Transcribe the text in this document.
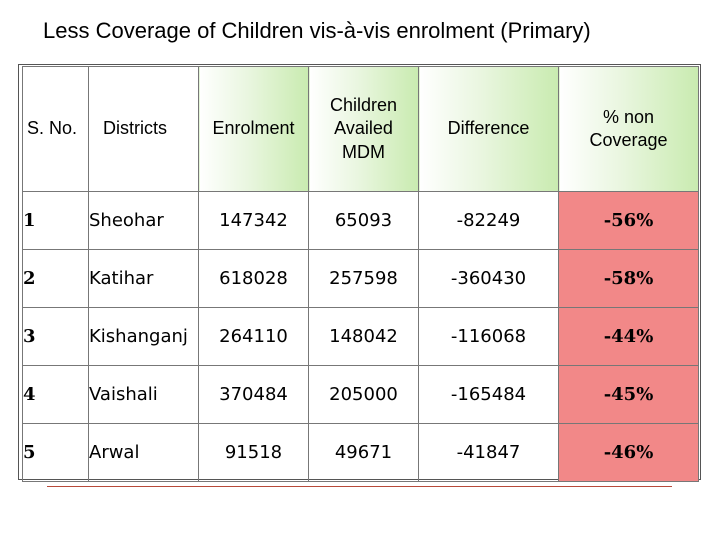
Less Coverage of Children vis-à-vis enrolment (Primary)
S. No.	Districts	Enrolment	Children Availed MDM	Difference	% non Coverage

1	Sheohar	147342	65093	-82249	-56%
2	Katihar	618028	257598	-360430	-58%
3	Kishanganj	264110	148042	-116068	-44%
4	Vaishali	370484	205000	-165484	-45%
5	Arwal	91518	49671	-41847	-46%
